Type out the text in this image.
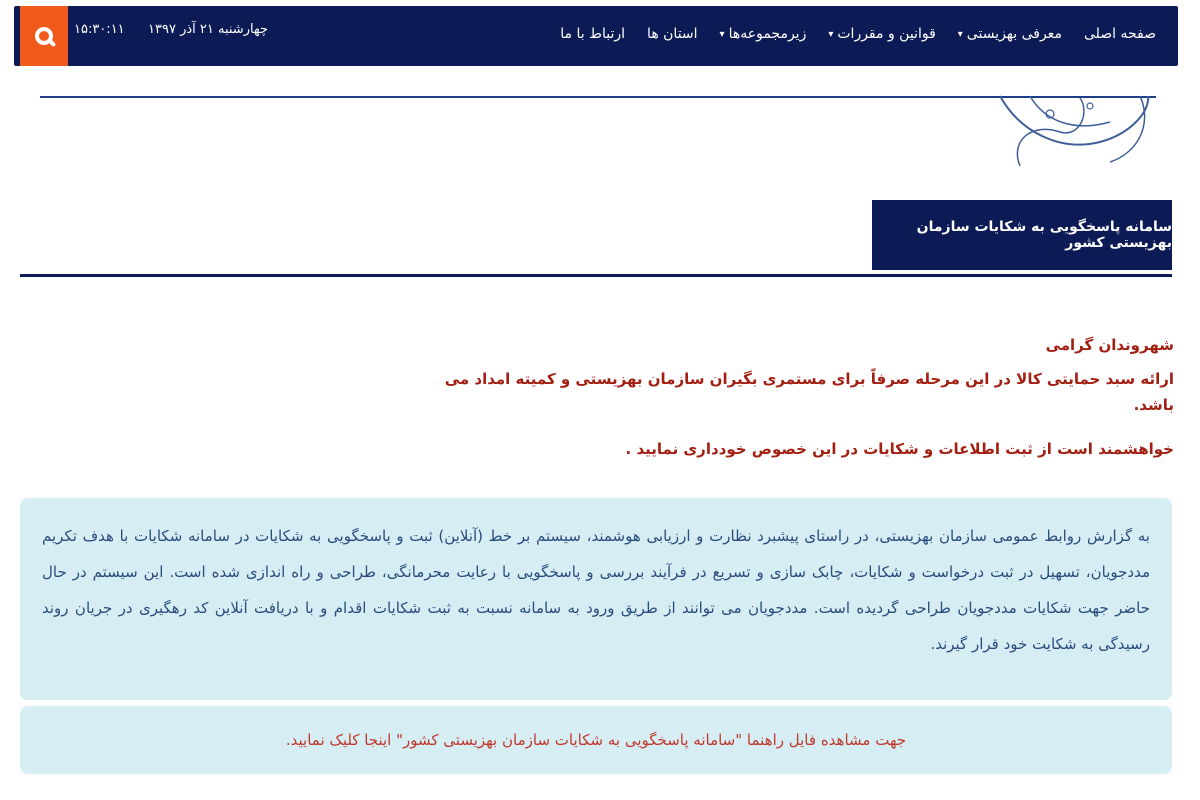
صفحه اصلی
معرفی بهزیستی
▾
قوانین و مقررات
▾
زیرمجموعه‌ها
▾
استان ها
ارتباط با ما
۱۵:۳۰:۱۱ چهارشنبه ۲۱ آذر ۱۳۹۷
سامانه پاسخگویی به شکایات سازمان بهزیستی کشور

شهروندان گرامی

ارائه سبد حمایتی کالا در این مرحله صرفاً برای مستمری بگیران سازمان بهزیستی و کمیته امداد می باشد.

خواهشمند است از ثبت اطلاعات و شکایات در این خصوص خودداری نمایید .

به گزارش روابط عمومی سازمان بهزیستی، در راستای پیشبرد نظارت و ارزیابی هوشمند، سیستم بر خط (آنلاین) ثبت و پاسخگویی به شکایات در سامانه شکایات با هدف تکریم مددجویان، تسهیل در ثبت درخواست و شکایات، چابک سازی و تسریع در فرآیند بررسی و پاسخگویی با رعایت محرمانگی، طراحی و راه اندازی شده است. این سیستم در حال حاضر جهت شکایات مددجویان طراحی گردیده است. مددجویان می توانند از طریق ورود به سامانه نسبت به ثبت شکایات اقدام و با دریافت آنلاین کد رهگیری در جریان روند رسیدگی به شکایت خود قرار گیرند.
جهت مشاهده فایل راهنما "سامانه پاسخگویی به شکایات سازمان بهزیستی کشور" اینجا کلیک نمایید.
